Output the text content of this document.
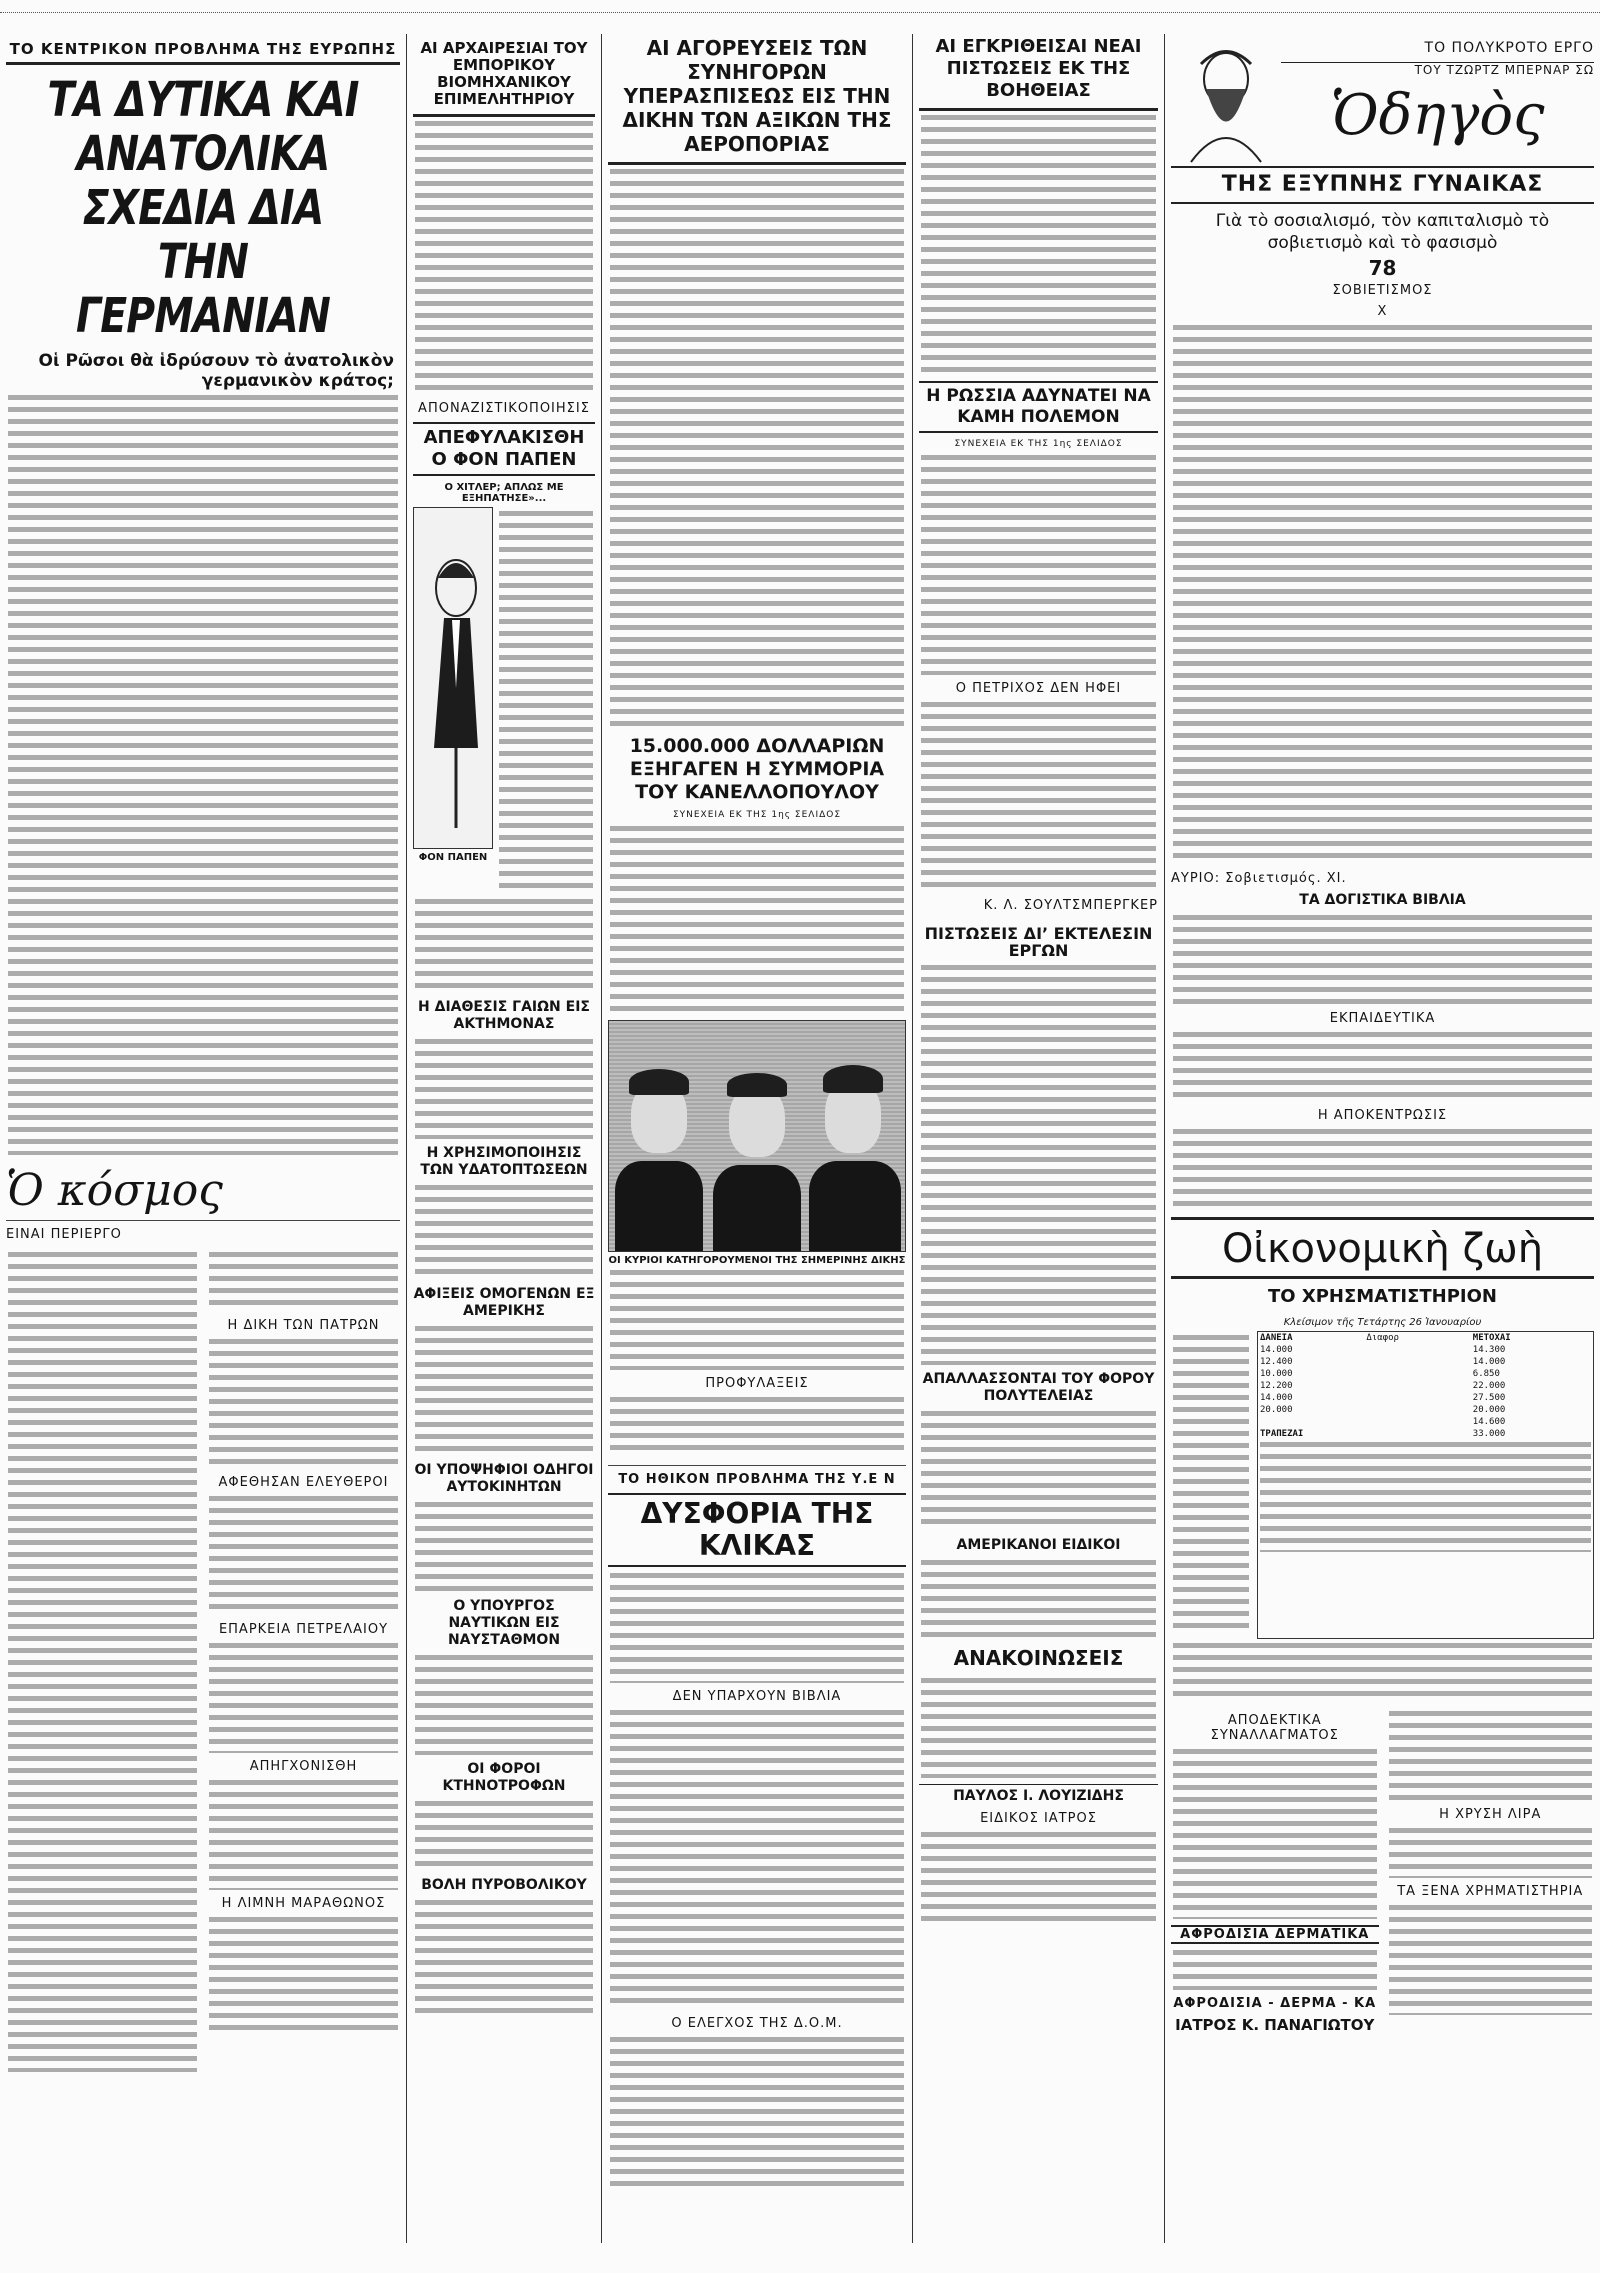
ΤΟ ΚΕΝΤΡΙΚΟΝ ΠΡΟΒΛΗΜΑ ΤΗΣ ΕΥΡΩΠΗΣ
ΤΑ ΔΥΤΙΚΑ ΚΑΙ ΑΝΑΤΟΛΙΚΑ ΣΧΕΔΙΑ ΔΙΑ ΤΗΝ ΓΕΡΜΑΝΙΑΝ
Οἱ Ρῶσοι θὰ ἱδρύσουν τὸ ἀνατολικὸν γερμανικὸν κράτος;
Ὁ κόσμος
ΕΙΝΑΙ ΠΕΡΙΕΡΓΟ
Η ΔΙΚΗ ΤΩΝ ΠΑΤΡΩΝ
ΑΦΕΘΗΣΑΝ ΕΛΕΥΘΕΡΟΙ
ΕΠΑΡΚΕΙΑ ΠΕΤΡΕΛΑΙΟΥ
ΑΠΗΓΧΟΝΙΣΘΗ
Η ΛΙΜΝΗ ΜΑΡΑΘΩΝΟΣ
ΑΙ ΑΡΧΑΙΡΕΣΙΑΙ ΤΟΥ ΕΜΠΟΡΙΚΟΥ ΒΙΟΜΗΧΑΝΙΚΟΥ ΕΠΙΜΕΛΗΤΗΡΙΟΥ
ΑΠΟΝΑΖΙΣΤΙΚΟΠΟΙΗΣΙΣ
ΑΠΕΦΥΛΑΚΙΣΘΗ Ο ΦΟΝ ΠΑΠΕΝ
Ο ΧΙΤΛΕΡ; ΑΠΛΩΣ ΜΕ ΕΞΗΠΑΤΗΣΕ»...
ΦΟΝ ΠΑΠΕΝ
Η ΔΙΑΘΕΣΙΣ ΓΑΙΩΝ ΕΙΣ ΑΚΤΗΜΟΝΑΣ
Η ΧΡΗΣΙΜΟΠΟΙΗΣΙΣ ΤΩΝ ΥΔΑΤΟΠΤΩΣΕΩΝ
ΑΦΙΞΕΙΣ ΟΜΟΓΕΝΩΝ ΕΞ ΑΜΕΡΙΚΗΣ
ΟΙ ΥΠΟΨΗΦΙΟΙ ΟΔΗΓΟΙ ΑΥΤΟΚΙΝΗΤΩΝ
Ο ΥΠΟΥΡΓΟΣ ΝΑΥΤΙΚΩΝ ΕΙΣ ΝΑΥΣΤΑΘΜΟΝ
ΟΙ ΦΟΡΟΙ ΚΤΗΝΟΤΡΟΦΩΝ
ΒΟΛΗ ΠΥΡΟΒΟΛΙΚΟΥ
ΑΙ ΑΓΟΡΕΥΣΕΙΣ ΤΩΝ ΣΥΝΗΓΟΡΩΝ ΥΠΕΡΑΣΠΙΣΕΩΣ ΕΙΣ ΤΗΝ ΔΙΚΗΝ ΤΩΝ ΑΞΙΚΩΝ ΤΗΣ ΑΕΡΟΠΟΡΙΑΣ
15.000.000 ΔΟΛΛΑΡΙΩΝ ΕΞΗΓΑΓΕΝ Η ΣΥΜΜΟΡΙΑ ΤΟΥ ΚΑΝΕΛΛΟΠΟΥΛΟΥ
ΣΥΝΕΧΕΙΑ ΕΚ ΤΗΣ 1ης ΣΕΛΙΔΟΣ
ΟΙ ΚΥΡΙΟΙ ΚΑΤΗΓΟΡΟΥΜΕΝΟΙ ΤΗΣ ΣΗΜΕΡΙΝΗΣ ΔΙΚΗΣ
ΠΡΟΦΥΛΑΞΕΙΣ
ΤΟ ΗΘΙΚΟΝ ΠΡΟΒΛΗΜΑ ΤΗΣ Υ.Ε Ν
ΔΥΣΦΟΡΙΑ ΤΗΣ ΚΛΙΚΑΣ
ΔΕΝ ΥΠΑΡΧΟΥΝ ΒΙΒΛΙΑ
Ο ΕΛΕΓΧΟΣ ΤΗΣ Δ.Ο.Μ.
ΑΙ ΕΓΚΡΙΘΕΙΣΑΙ ΝΕΑΙ ΠΙΣΤΩΣΕΙΣ ΕΚ ΤΗΣ ΒΟΗΘΕΙΑΣ
Η ΡΩΣΣΙΑ ΑΔΥΝΑΤΕΙ ΝΑ ΚΑΜΗ ΠΟΛΕΜΟΝ
ΣΥΝΕΧΕΙΑ ΕΚ ΤΗΣ 1ης ΣΕΛΙΔΟΣ
Ο ΠΕΤΡΙΧΟΣ ΔΕΝ ΗΦΕΙ
Κ. Λ. ΣΟΥΛΤΣΜΠΕΡΓΚΕΡ
ΠΙΣΤΩΣΕΙΣ ΔΙ’ ΕΚΤΕΛΕΣΙΝ ΕΡΓΩΝ
ΑΠΑΛΛΑΣΣΟΝΤΑΙ ΤΟΥ ΦΟΡΟΥ ΠΟΛΥΤΕΛΕΙΑΣ
ΑΜΕΡΙΚΑΝΟΙ ΕΙΔΙΚΟΙ
ΑΝΑΚΟΙΝΩΣΕΙΣ
ΠΑΥΛΟΣ Ι. ΛΟΥΙΖΙΔΗΣ
ΕΙΔΙΚΟΣ ΙΑΤΡΟΣ
ΤΟ ΠΟΛΥΚΡΟΤΟ ΕΡΓΟ
ΤΟΥ ΤΖΩΡΤΖ ΜΠΕΡΝΑΡ ΣΩ
Ὁδηγὸς
ΤΗΣ ΕΞΥΠΝΗΣ ΓΥΝΑΙΚΑΣ
Γιὰ τὸ σοσιαλισμό, τὸν καπιταλισμὸ τὸ σοβιετισμὸ καὶ τὸ φασισμὸ
78
ΣΟΒΙΕΤΙΣΜΟΣ
Χ
ΑΥΡΙΟ: Σοβιετισμός. XI.
ΤΑ ΔΟΓΙΣΤΙΚΑ ΒΙΒΛΙΑ
ΕΚΠΑΙΔΕΥΤΙΚΑ
Η ΑΠΟΚΕΝΤΡΩΣΙΣ
Οἰκονομικὴ ζωὴ
ΤΟ ΧΡΗΣΜΑΤΙΣΤΗΡΙΟΝ
Κλείσιμον τῆς Τετάρτης 26 Ἰανουαρίου
ΔΑΝΕΙΑ	Διαφορ	ΜΕΤΟΧΑΙ
14.000		14.300
12.400		14.000
10.000		6.850
12.200		22.000
14.000		27.500
20.000		20.000
		14.600
ΤΡΑΠΕΖΑΙ		33.000
ΑΠΟΔΕΚΤΙΚΑ ΣΥΝΑΛΛΑΓΜΑΤΟΣ
ΑΦΡΟΔΙΣΙΑ ΔΕΡΜΑΤΙΚΑ
ΑΦΡΟΔΙΣΙΑ - ΔΕΡΜΑ - ΚΑ
ΙΑΤΡΟΣ Κ. ΠΑΝΑΓΙΩΤΟΥ
Η ΧΡΥΣΗ ΛΙΡΑ
ΤΑ ΞΕΝΑ ΧΡΗΜΑΤΙΣΤΗΡΙΑ
